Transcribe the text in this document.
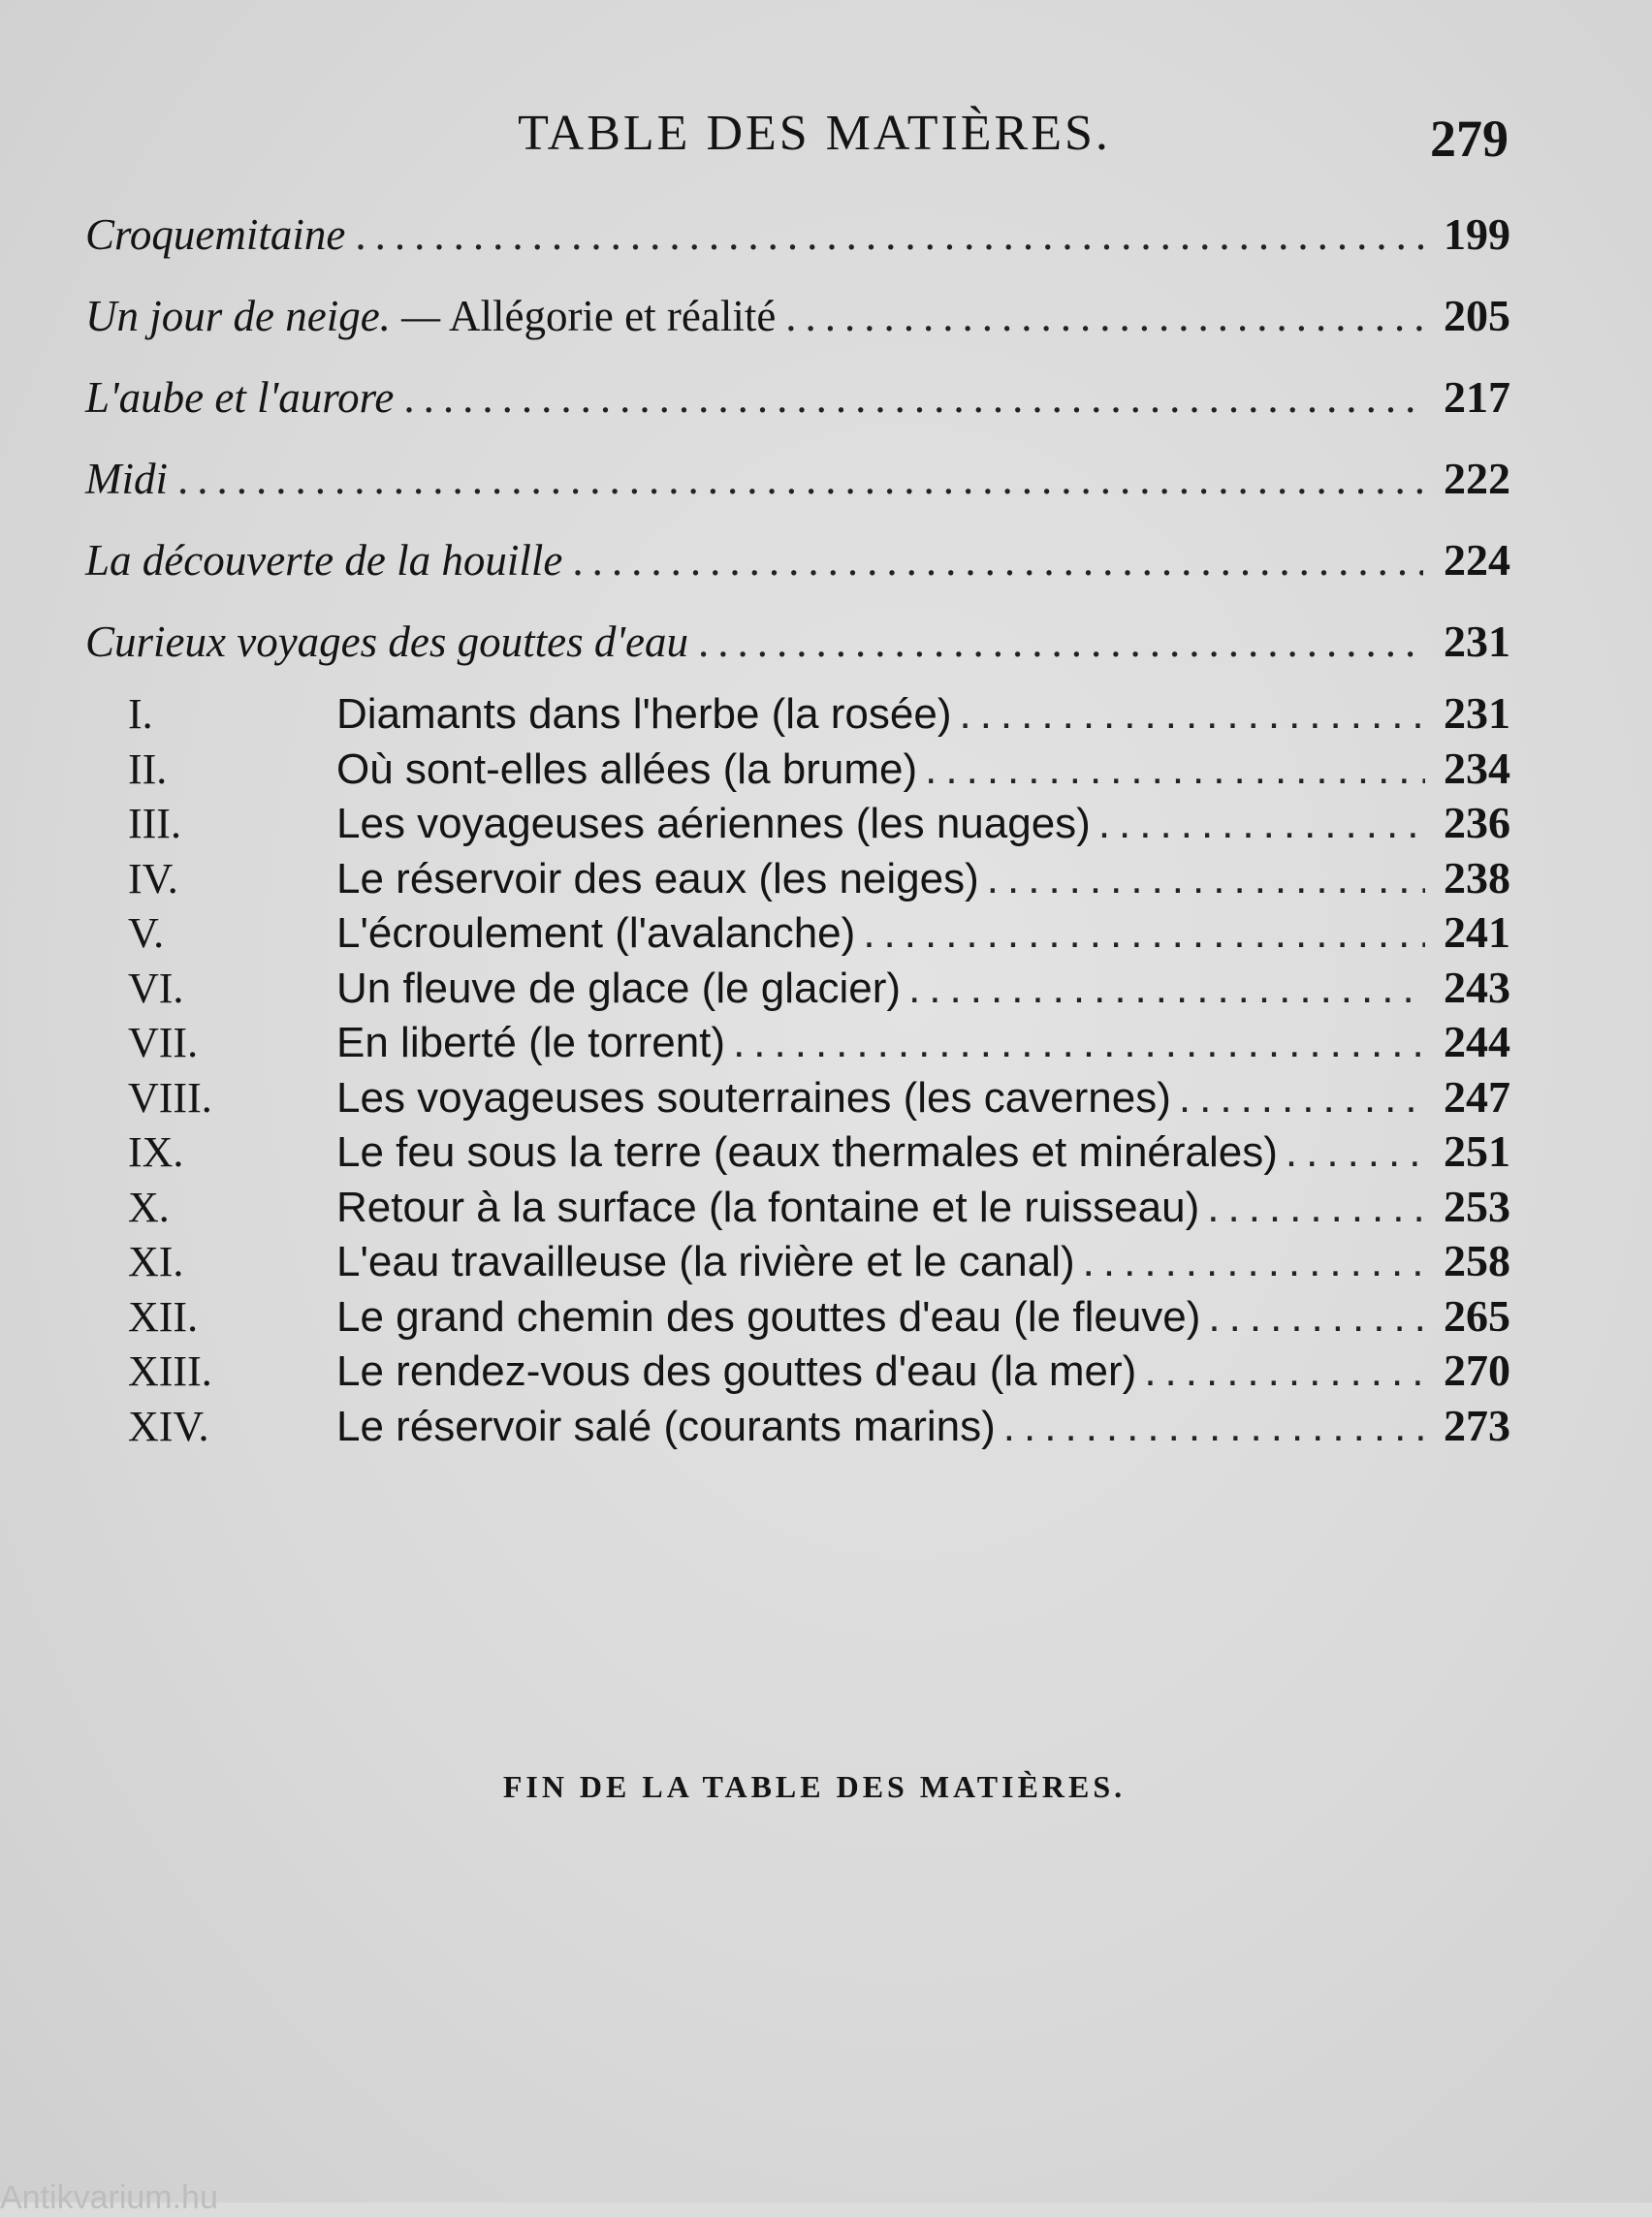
TABLE DES MATIÈRES.	279
Croquemitaine .....	199
Un jour de neige. — Allégorie et réalité .....	205
L'aube et l'aurore .....	217
Midi .....	222
La découverte de la houille .....	224
Curieux voyages des gouttes d'eau .....	231
I.	Diamants dans l'herbe (la rosée) .....	231
II.	Où sont-elles allées (la brume) .....	234
III.	Les voyageuses aériennes (les nuages) .....	236
IV.	Le réservoir des eaux (les neiges) .....	238
V.	L'écroulement (l'avalanche) .....	241
VI.	Un fleuve de glace (le glacier) .....	243
VII.	En liberté (le torrent) .....	244
VIII.	Les voyageuses souterraines (les cavernes) .....	247
IX.	Le feu sous la terre (eaux thermales et minérales) .....	251
X.	Retour à la surface (la fontaine et le ruisseau) .....	253
XI.	L'eau travailleuse (la rivière et le canal) .....	258
XII.	Le grand chemin des gouttes d'eau (le fleuve) .....	265
XIII.	Le rendez-vous des gouttes d'eau (la mer) .....	270
XIV.	Le réservoir salé (courants marins) .....	273
FIN DE LA TABLE DES MATIÈRES.
Antikvarium.hu
